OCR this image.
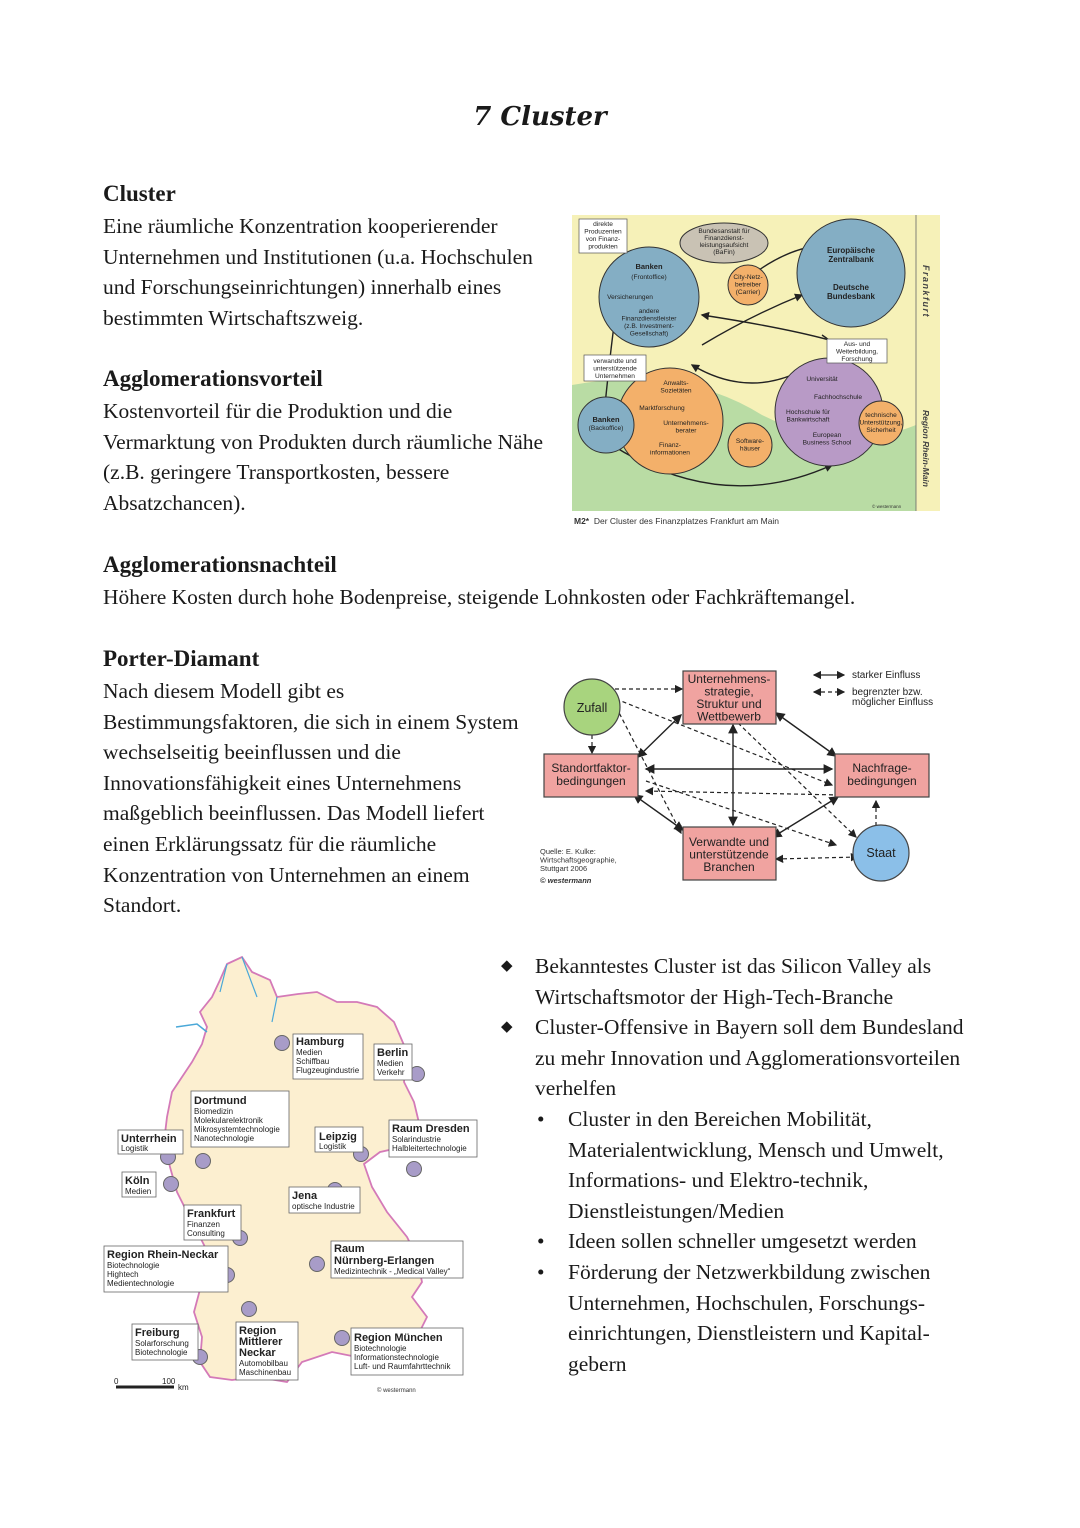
7 Cluster
Cluster
Eine räumliche Konzentration kooperierender Unternehmen und Institutionen (u.a. Hochschulen und Forschungseinrichtungen) innerhalb eines bestimmten Wirtschaftszweig.
Agglomerationsvorteil
Kostenvorteil für die Produktion und die Vermarktung von Produkten durch räumliche Nähe (z.B. geringere Transportkosten, bessere Absatzchancen).
Agglomerationsnachteil
Höhere Kosten durch hohe Bodenpreise, steigende Lohnkosten oder Fachkräftemangel.
Porter-Diamant
Nach diesem Modell gibt es Bestimmungsfaktoren, die sich in einem System wechselseitig beeinflussen und die Innovationsfähigkeit eines Unternehmens maßgeblich beeinflussen. Das Modell liefert einen Erklärungssatz für die räumliche Konzentration von Unternehmen an einem Standort.
direkte Produzenten von Finanz-produkten
Bundesanstalt für Finanzdienst-leistungsaufsicht (BaFin)
Banken
(Frontoffice)
Versicherungen
andere Finanzdienstleister (z.B. Investment-Gesellschaft)
City-Netz-betreiber (Carrier)
Europäische Zentralbank
Deutsche Bundesbank
Aus- und Weiterbildung, Forschung
verwandte und unterstützende Unternehmen
Anwalts-Sozietäten
Marktforschung
Unternehmens-berater
Finanz-informationen
Software-häuser
Banken
(Backoffice)
Universität
Fachhochschule
Hochschule für Bankwirtschaft
European Business School
technische Unterstützung, Sicherheit
Frankfurt
Region Rhein-Main
© westermann
M2* Der Cluster des Finanzplatzes Frankfurt am Main
Zufall
Unternehmens-strategie, Struktur und Wettbewerb
Standortfaktor-bedingungen
Nachfrage-bedingungen
Verwandte und unterstützende Branchen
Staat
starker Einfluss
begrenzter bzw. möglicher Einfluss
Quelle: E. Kulke: Wirtschaftsgeographie, Stuttgart 2006
© westermann
Hamburg
Medien
Schiffbau
Flugzeugindustrie
Berlin
Medien
Verkehr
Dortmund
Biomedizin
Molekularelektronik
Mikrosystemtechnologie
Nanotechnologie
Unterrhein
Logistik
Leipzig
Logistik
Raum Dresden
Solarindustrie
Halbleitertechnologie
Köln
Medien	Jena
optische Industrie
Frankfurt
Finanzen
Consulting
Region Rhein-Neckar
Biotechnologie
Hightech
Medientechnologie
Raum
Nürnberg-Erlangen
Medizintechnik - „Medical Valley“
Freiburg
Solarforschung
Biotechnologie
Region
Mittlerer
Neckar
Automobilbau
Maschinenbau
Region München
Biotechnologie
Informationstechnologie
Luft- und Raumfahrttechnik
0	100
km	© westermann
◆ Bekanntestes Cluster ist das Silicon Valley als Wirtschaftsmotor der High-Tech-Branche
◆ Cluster-Offensive in Bayern soll dem Bundesland zu mehr Innovation und Agglomerationsvorteilen verhelfen
• Cluster in den Bereichen Mobilität, Materialentwicklung, Mensch und Umwelt, Informations- und Elektro-technik, Dienstleistungen/Medien
• Ideen sollen schneller umgesetzt werden
• Förderung der Netzwerkbildung zwischen Unternehmen, Hochschulen, Forschungs-einrichtungen, Dienstleistern und Kapital-gebern
